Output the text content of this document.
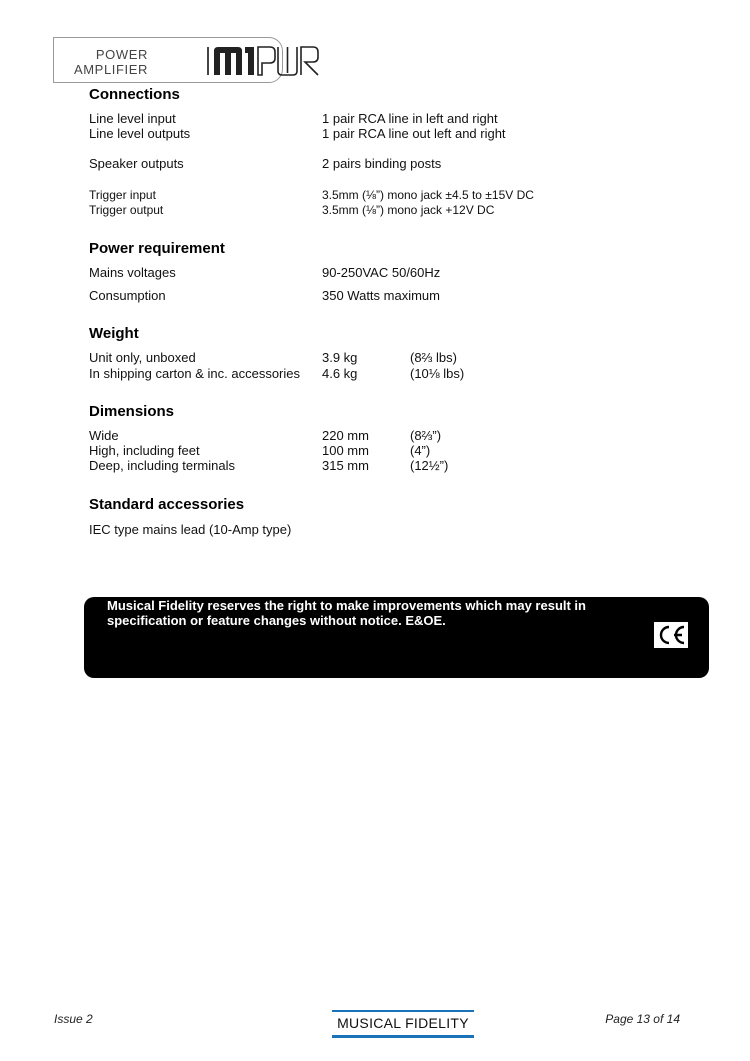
POWER
AMPLIFIER
Connections
Line level input	1 pair RCA line in left and right
Line level outputs	1 pair RCA line out left and right
Speaker outputs	2 pairs binding posts
Trigger input	3.5mm (⅛”) mono jack ±4.5 to ±15V DC
Trigger output	3.5mm (⅛”) mono jack +12V DC
Power requirement
Mains voltages	90-250VAC 50/60Hz
Consumption	350 Watts maximum
Weight
Unit only, unboxed	3.9 kg	(8⅔ lbs)
In shipping carton & inc. accessories 4.6 kg	(10⅛ lbs)
Dimensions
Wide	220 mm	(8⅔”)
High, including feet	100 mm	(4”)
Deep, including terminals	315 mm	(12½”)
Standard accessories
IEC type mains lead (10-Amp type)
Musical Fidelity reserves the right to make improvements which may result in specification or feature changes without notice. E&OE.
Issue 2	MUSICAL FIDELITY	Page 13 of 14
